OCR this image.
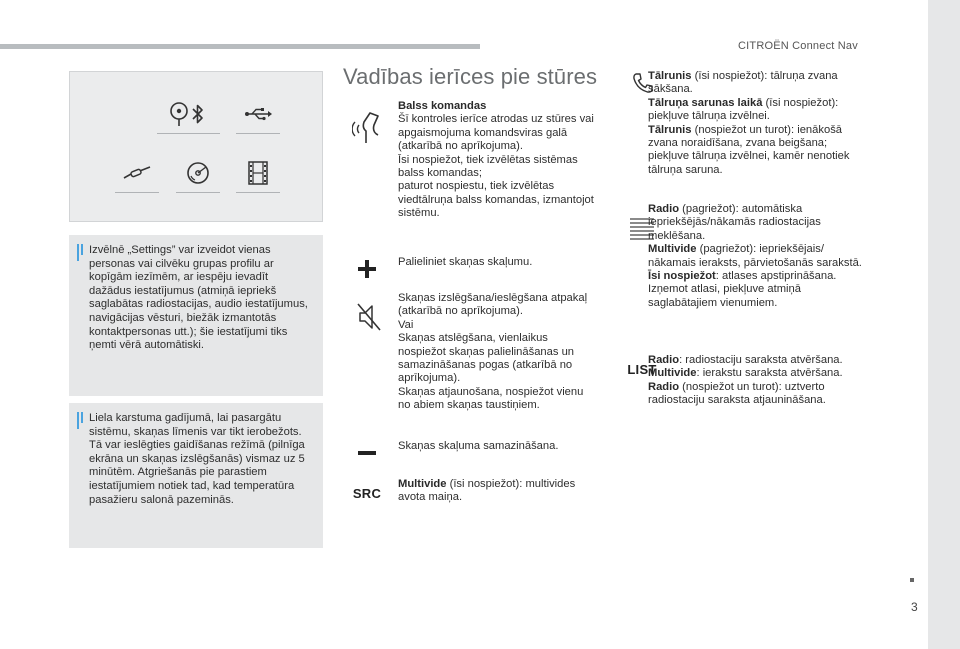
CITROËN Connect Nav
3
Izvēlnē „Settings” var izveidot vienas personas vai cilvēku grupas profilu ar kopīgām iezīmēm, ar iespēju ievadīt dažādus iestatījumus (atmiņā iepriekš saglabātas radiostacijas, audio iestatījumus, navigācijas vēsturi, biežāk izmantotās kontaktpersonas utt.); šie iestatījumi tiks ņemti vērā automātiski.
Liela karstuma gadījumā, lai pasargātu sistēmu, skaņas līmenis var tikt ierobežots. Tā var ieslēgties gaidīšanas režīmā (pilnīga ekrāna un skaņas izslēgšanās) vismaz uz 5 minūtēm. Atgriešanās pie parastiem iestatījumiem notiek tad, kad temperatūra pasažieru salonā pazeminās.
Vadības ierīces pie stūres
Balss komandas
Šī kontroles ierīce atrodas uz stūres vai apgaismojuma komandsviras galā (atkarībā no aprīkojuma).
Īsi nospiežot, tiek izvēlētas sistēmas balss komandas;
paturot nospiestu, tiek izvēlētas viedtālruņa balss komandas, izmantojot sistēmu.
Palieliniet skaņas skaļumu.
Skaņas izslēgšana/ieslēgšana atpakaļ (atkarībā no aprīkojuma).
Vai
Skaņas atslēgšana, vienlaikus nospiežot skaņas palielināšanas un samazināšanas pogas (atkarībā no aprīkojuma).
Skaņas atjaunošana, nospiežot vienu no abiem skaņas taustiņiem.
Skaņas skaļuma samazināšana.
SRC
Multivide (īsi nospiežot): multivides avota maiņa.
Tālrunis (īsi nospiežot): tālruņa zvana sākšana.
Tālruņa sarunas laikā (īsi nospiežot): piekļuve tālruņa izvēlnei.
Tālrunis (nospiežot un turot): ienākošā zvana noraidīšana, zvana beigšana; piekļuve tālruņa izvēlnei, kamēr nenotiek tālruņa saruna.
Radio (pagriežot): automātiska iepriekšējās/nākamās radiostacijas meklēšana.
Multivide (pagriežot): iepriekšējais/ nākamais ieraksts, pārvietošanās sarakstā.
Īsi nospiežot: atlases apstiprināšana. Izņemot atlasi, piekļuve atmiņā saglabātajiem vienumiem.
LIST
Radio: radiostaciju saraksta atvēršana.
Multivide: ierakstu saraksta atvēršana.
Radio (nospiežot un turot): uztverto radiostaciju saraksta atjaunināšana.
